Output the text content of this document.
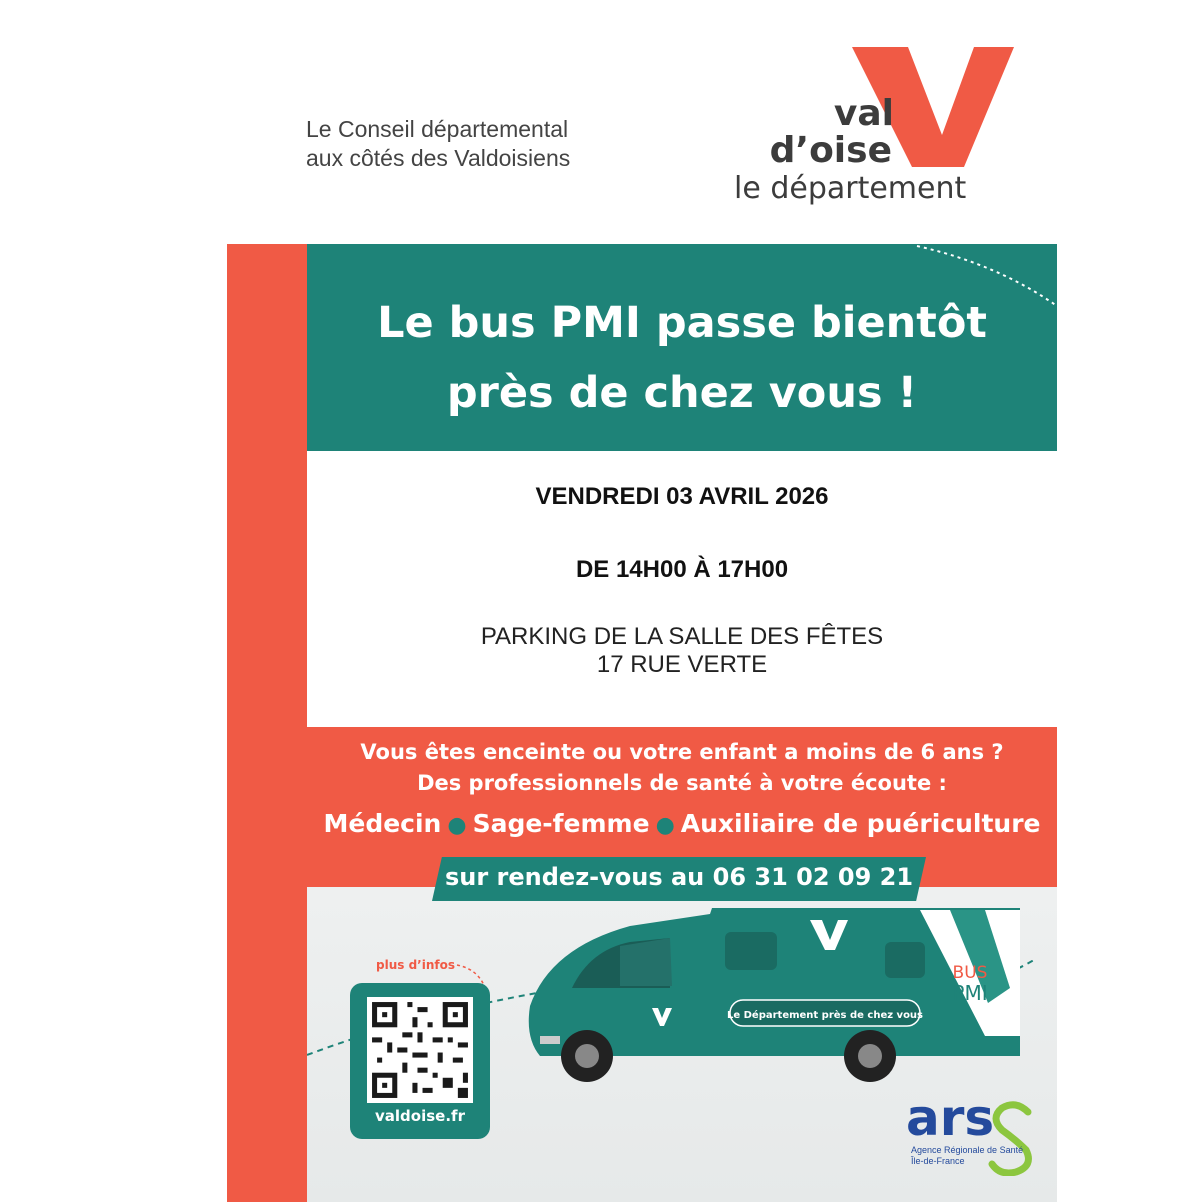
Le Conseil départemental
aux côtés des Valdoisiens
val
d’oise
le département
Le bus PMI passe bientôt
près de chez vous !
VENDREDI 03 AVRIL 2026
DE 14H00 À 17H00
PARKING DE LA SALLE DES FÊTES
17 RUE VERTE
Vous êtes enceinte ou votre enfant a moins de 6 ans ?
Des professionnels de santé à votre écoute :
Médecin ● Sage-femme ● Auxiliaire de puériculture
sur rendez-vous au 06 31 02 09 21
plus d’infos
valdoise.fr
Le Département près de chez vous
BUS
PMI
ars
Agence Régionale de Santé
Île-de-France
